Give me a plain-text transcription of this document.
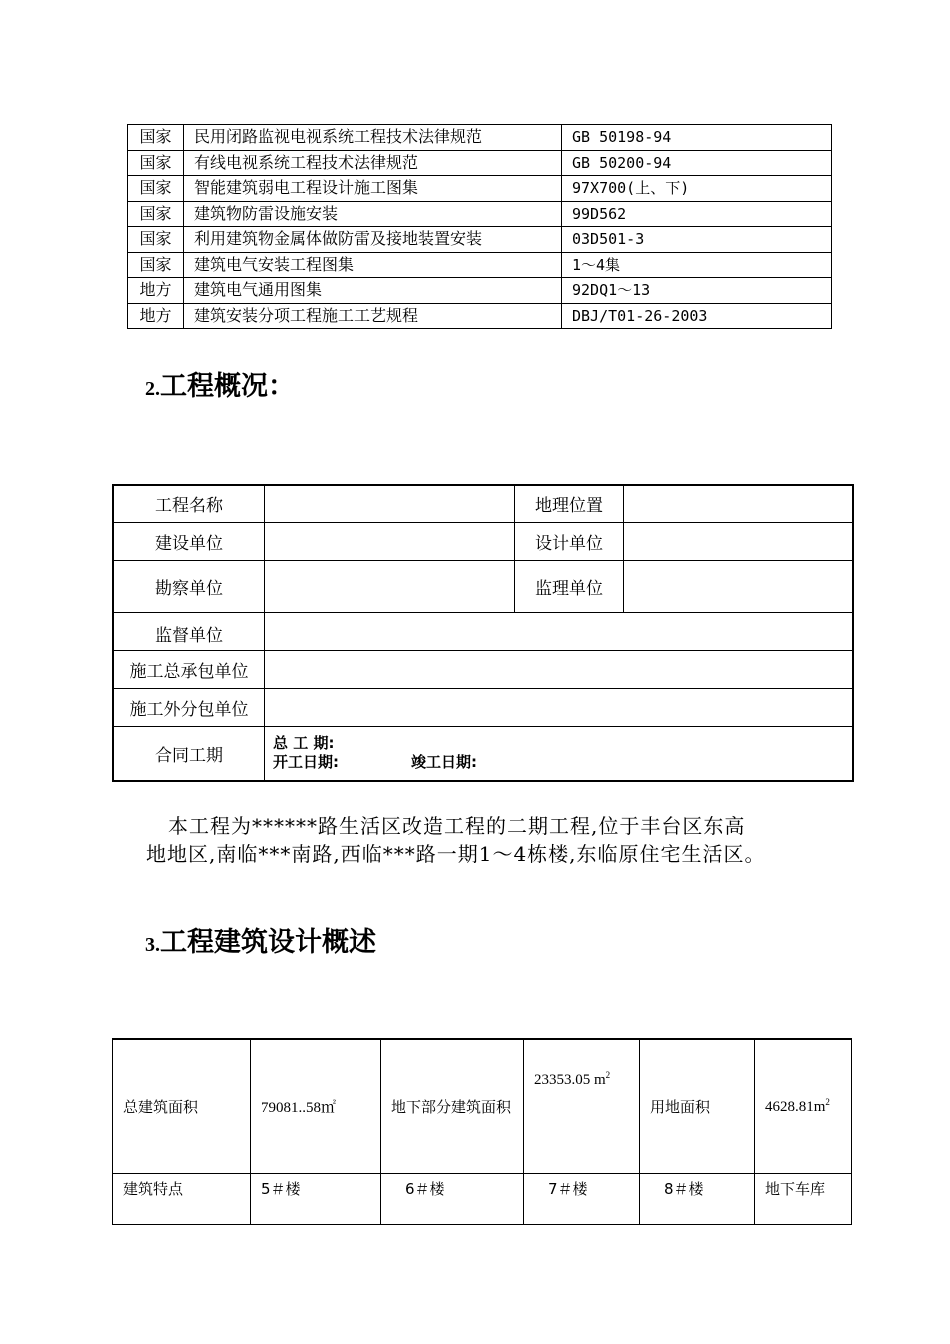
国家	民用闭路监视电视系统工程技术法律规范	GB 50198-94
国家	有线电视系统工程技术法律规范	GB 50200-94
国家	智能建筑弱电工程设计施工图集	97X700(上、下)
国家	建筑物防雷设施安装	99D562
国家	利用建筑物金属体做防雷及接地装置安装	03D501-3
国家	建筑电气安装工程图集	1～4集
地方	建筑电气通用图集	92DQ1～13
地方	建筑安装分项工程施工工艺规程	DBJ/T01-26-2003
2.工程概况：
工程名称		地理位置	
建设单位		设计单位	
勘察单位		监理单位	
监督单位			
施工总承包单位			
施工外分包单位			
合同工期	总 工 期:
开工日期: 竣工日期:		
本工程为******路生活区改造工程的二期工程,位于丰台区东高
地地区,南临***南路,西临***路一期1～4栋楼,东临原住宅生活区。
3.工程建筑设计概述
总建筑面积	79081..58㎡	地下部分建筑面积	23353.05 $m^2$	用地面积	$4628.81m^2$
建筑特点	5＃楼	6＃楼	7＃楼	8＃楼	地下车库
